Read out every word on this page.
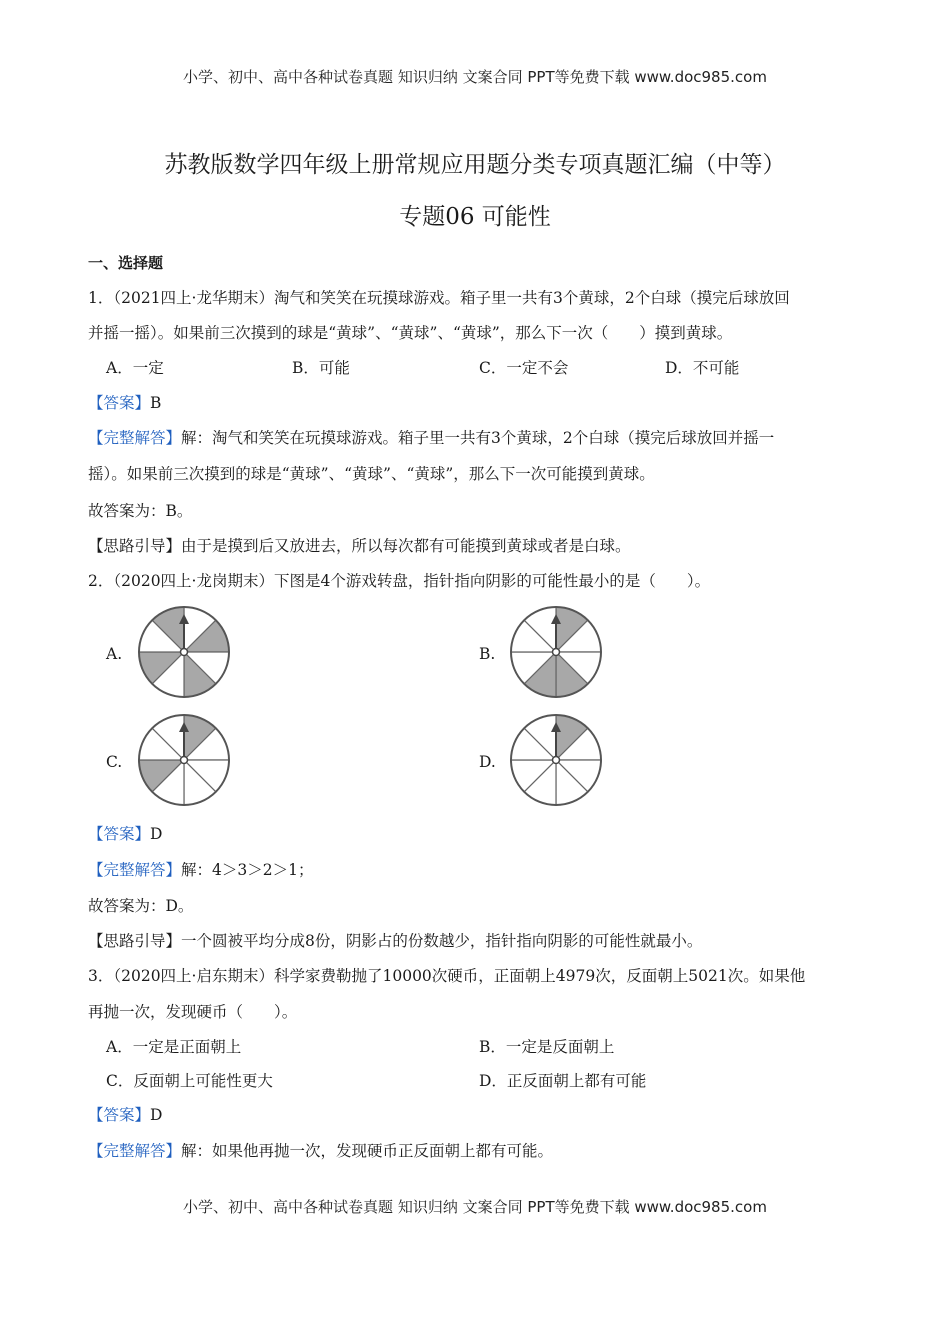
小学、初中、高中各种试卷真题 知识归纳 文案合同 PPT等免费下载 www.doc985.com
苏教版数学四年级上册常规应用题分类专项真题汇编（中等）
专题06 可能性
一、选择题
1．（2021四上·龙华期末）淘气和笑笑在玩摸球游戏。箱子里一共有3个黄球，2个白球（摸完后球放回
并摇一摇）。如果前三次摸到的球是“黄球”、“黄球”、“黄球”，那么下一次（　　）摸到黄球。
A．一定	B．可能	C．一定不会	D．不可能
【答案】B
【完整解答】解：淘气和笑笑在玩摸球游戏。箱子里一共有3个黄球，2个白球（摸完后球放回并摇一
摇）。如果前三次摸到的球是“黄球”、“黄球”、“黄球”，那么下一次可能摸到黄球。
故答案为：B。
【思路引导】由于是摸到后又放进去，所以每次都有可能摸到黄球或者是白球。
2．（2020四上·龙岗期末）下图是4个游戏转盘，指针指向阴影的可能性最小的是（　　）。
A.	B.
C.	D.
【答案】D
【完整解答】解：4＞3＞2＞1；
故答案为：D。
【思路引导】一个圆被平均分成8份，阴影占的份数越少，指针指向阴影的可能性就最小。
3．（2020四上·启东期末）科学家费勒抛了10000次硬币，正面朝上4979次，反面朝上5021次。如果他
再抛一次，发现硬币（　　）。
A．一定是正面朝上	B．一定是反面朝上
C．反面朝上可能性更大	D．正反面朝上都有可能
【答案】D
【完整解答】解：如果他再抛一次，发现硬币正反面朝上都有可能。
小学、初中、高中各种试卷真题 知识归纳 文案合同 PPT等免费下载 www.doc985.com
